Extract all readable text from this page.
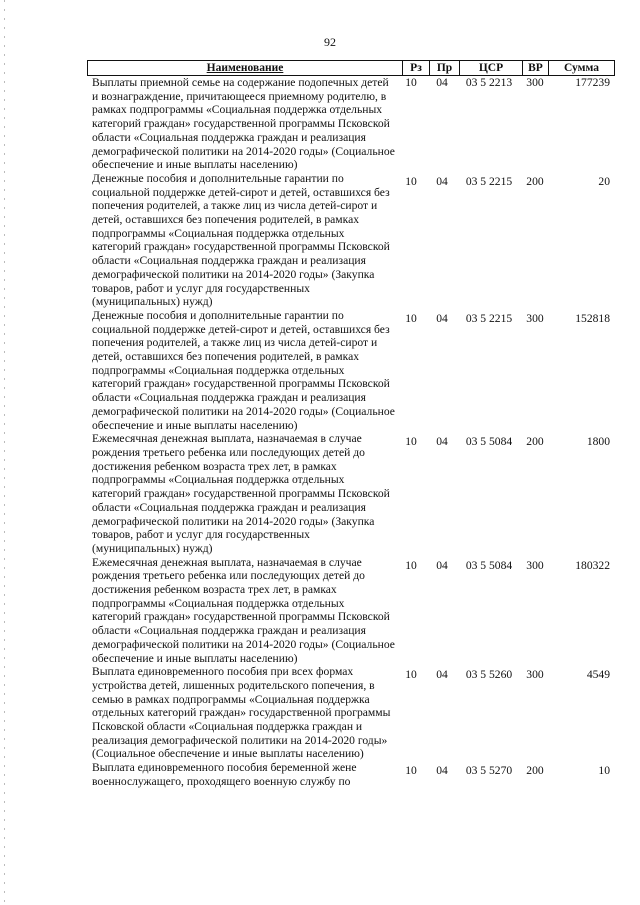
92
Наименование	Рз	Пр	ЦСР	ВР	Сумма
Выплаты приемной семье на содержание подопечных детей и вознаграждение, причитающееся приемному родителю, в рамках подпрограммы «Социальная поддержка отдельных категорий граждан» государственной программы Псковской области «Социальная поддержка граждан и реализация демографической политики на 2014-2020 годы» (Социальное обеспечение и иные выплаты населению)
10	04	03 5 2213	300	177239
Денежные пособия и дополнительные гарантии по социальной поддержке детей-сирот и детей, оставшихся без попечения родителей, а также лиц из числа детей-сирот и детей, оставшихся без попечения родителей, в рамках подпрограммы «Социальная поддержка отдельных категорий граждан» государственной программы Псковской области «Социальная поддержка граждан и реализация демографической политики на 2014-2020 годы» (Закупка товаров, работ и услуг для государственных (муниципальных) нужд)
10	04	03 5 2215	200	20
Денежные пособия и дополнительные гарантии по социальной поддержке детей-сирот и детей, оставшихся без попечения родителей, а также лиц из числа детей-сирот и детей, оставшихся без попечения родителей, в рамках подпрограммы «Социальная поддержка отдельных категорий граждан» государственной программы Псковской области «Социальная поддержка граждан и реализация демографической политики на 2014-2020 годы» (Социальное обеспечение и иные выплаты населению)
10	04	03 5 2215	300	152818
Ежемесячная денежная выплата, назначаемая в случае рождения третьего ребенка или последующих детей до достижения ребенком возраста трех лет, в рамках подпрограммы «Социальная поддержка отдельных категорий граждан» государственной программы Псковской области «Социальная поддержка граждан и реализация демографической политики на 2014-2020 годы» (Закупка товаров, работ и услуг для государственных (муниципальных) нужд)
10	04	03 5 5084	200	1800
Ежемесячная денежная выплата, назначаемая в случае рождения третьего ребенка или последующих детей до достижения ребенком возраста трех лет, в рамках подпрограммы «Социальная поддержка отдельных категорий граждан» государственной программы Псковской области «Социальная поддержка граждан и реализация демографической политики на 2014-2020 годы» (Социальное обеспечение и иные выплаты населению)
10	04	03 5 5084	300	180322
Выплата единовременного пособия при всех формах устройства детей, лишенных родительского попечения, в семью в рамках подпрограммы «Социальная поддержка отдельных категорий граждан» государственной программы Псковской области «Социальная поддержка граждан и реализация демографической политики на 2014-2020 годы» (Социальное обеспечение и иные выплаты населению)
10	04	03 5 5260	300	4549
Выплата единовременного пособия беременной жене военнослужащего, проходящего военную службу по
10	04	03 5 5270	200	10
